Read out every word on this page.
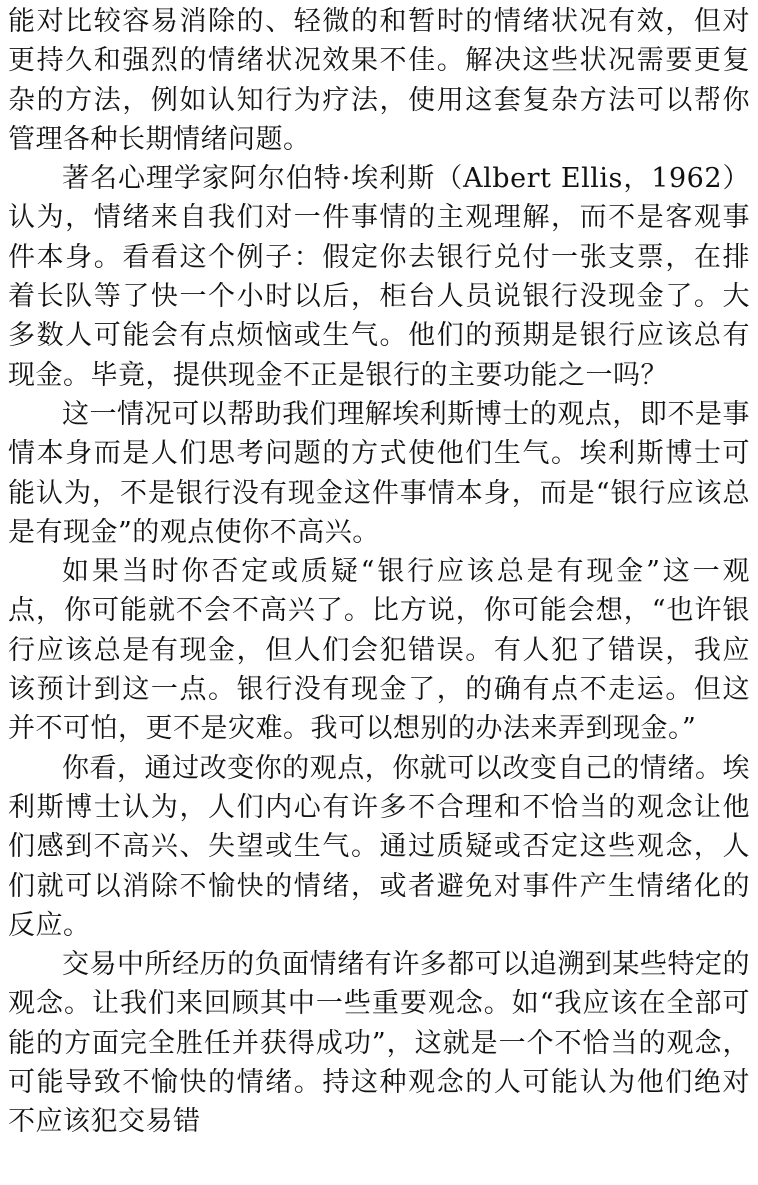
能对比较容易消除的、轻微的和暂时的情绪状况有效，但对更持久和强烈的情绪状况效果不佳。解决这些状况需要更复杂的方法，例如认知行为疗法，使用这套复杂方法可以帮你管理各种长期情绪问题。

著名心理学家阿尔伯特·埃利斯（Albert Ellis，1962）认为，情绪来自我们对一件事情的主观理解，而不是客观事件本身。看看这个例子：假定你去银行兑付一张支票，在排着长队等了快一个小时以后，柜台人员说银行没现金了。大多数人可能会有点烦恼或生气。他们的预期是银行应该总有现金。毕竟，提供现金不正是银行的主要功能之一吗？

这一情况可以帮助我们理解埃利斯博士的观点，即不是事情本身而是人们思考问题的方式使他们生气。埃利斯博士可能认为，不是银行没有现金这件事情本身，而是“银行应该总是有现金”的观点使你不高兴。

如果当时你否定或质疑“银行应该总是有现金”这一观点，你可能就不会不高兴了。比方说，你可能会想，“也许银行应该总是有现金，但人们会犯错误。有人犯了错误，我应该预计到这一点。银行没有现金了，的确有点不走运。但这并不可怕，更不是灾难。我可以想别的办法来弄到现金。”

你看，通过改变你的观点，你就可以改变自己的情绪。埃利斯博士认为，人们内心有许多不合理和不恰当的观念让他们感到不高兴、失望或生气。通过质疑或否定这些观念，人们就可以消除不愉快的情绪，或者避免对事件产生情绪化的反应。

交易中所经历的负面情绪有许多都可以追溯到某些特定的观念。让我们来回顾其中一些重要观念。如“我应该在全部可能的方面完全胜任并获得成功”，这就是一个不恰当的观念，可能导致不愉快的情绪。持这种观念的人可能认为他们绝对不应该犯交易错
